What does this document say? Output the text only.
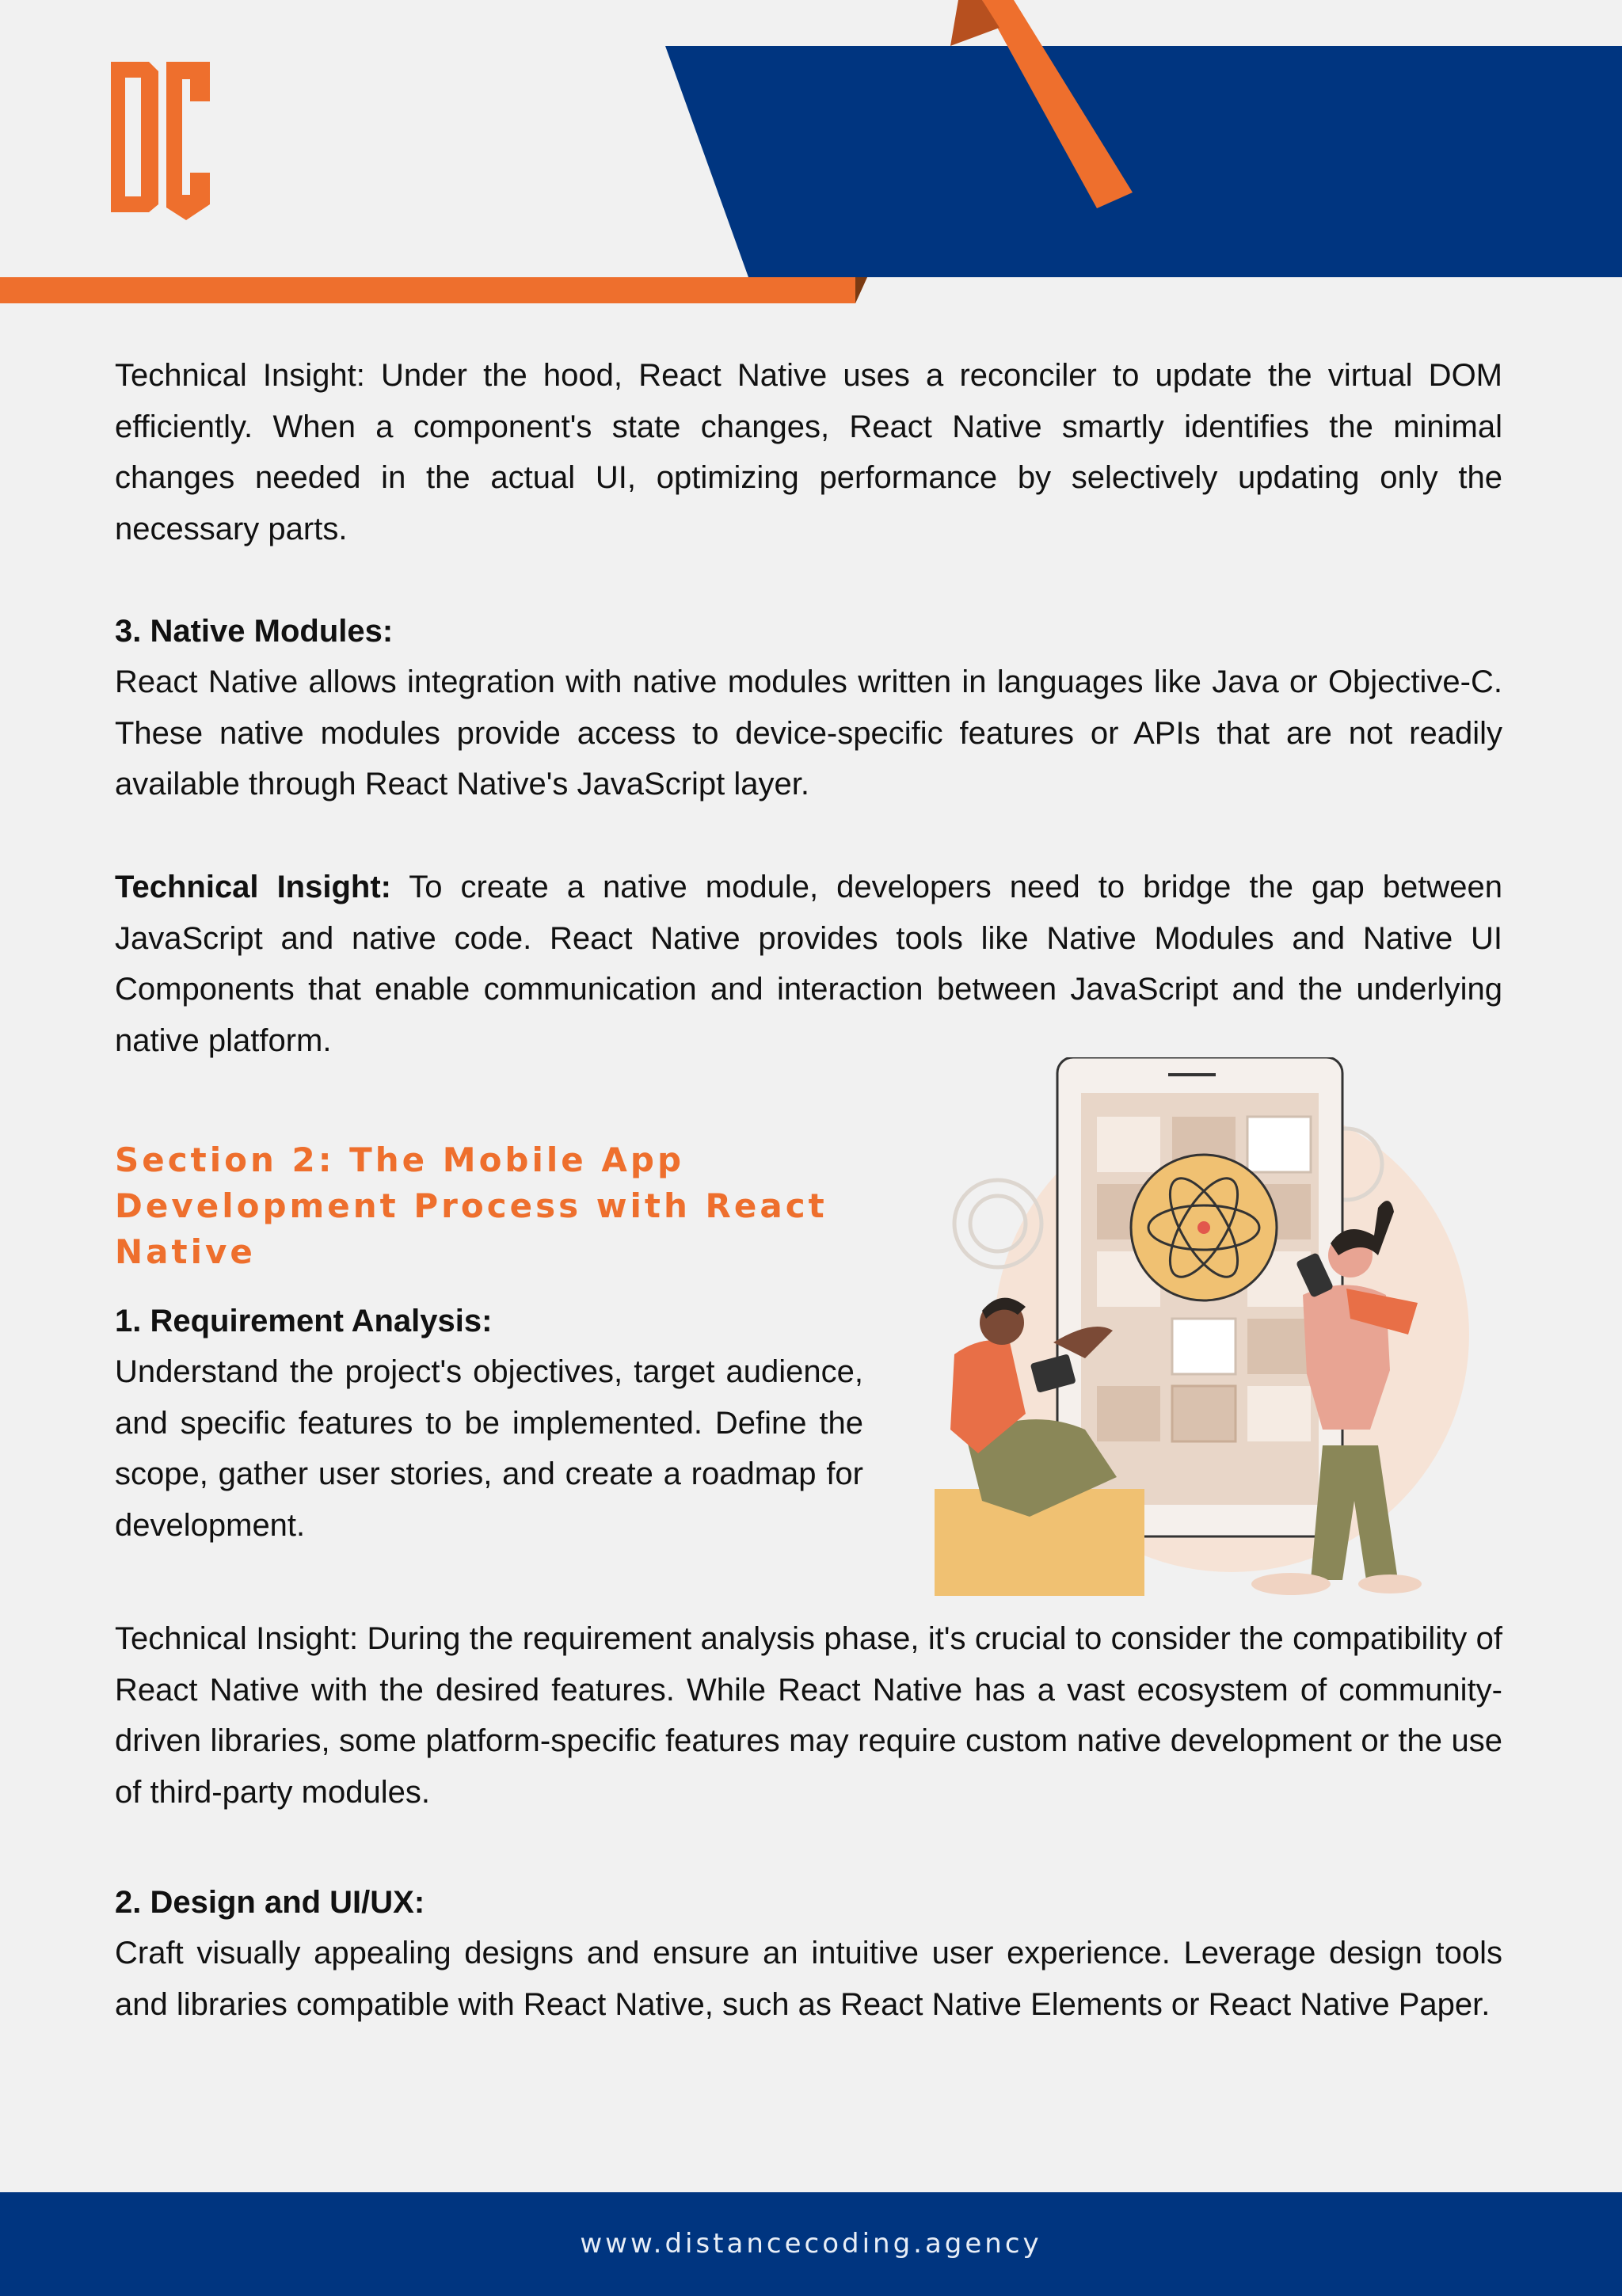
Technical Insight: Under the hood, React Native uses a reconciler to update the virtual DOM efficiently. When a component's state changes, React Native smartly identifies the minimal changes needed in the actual UI, optimizing performance by selectively updating only the necessary parts.

3. Native Modules:

React Native allows integration with native modules written in languages like Java or Objective-C. These native modules provide access to device-specific features or APIs that are not readily available through React Native's JavaScript layer.

Technical Insight: To create a native module, developers need to bridge the gap between JavaScript and native code. React Native provides tools like Native Modules and Native UI Components that enable communication and interaction between JavaScript and the underlying native platform.

Section 2: The Mobile App Development Process with React Native

1. Requirement Analysis:

Understand the project's objectives, target audience, and specific features to be implemented. Define the scope, gather user stories, and create a roadmap for development.

Technical Insight: During the requirement analysis phase, it's crucial to consider the compatibility of React Native with the desired features. While React Native has a vast ecosystem of community-driven libraries, some platform-specific features may require custom native development or the use of third-party modules.

2. Design and UI/UX:

Craft visually appealing designs and ensure an intuitive user experience. Leverage design tools and libraries compatible with React Native, such as React Native Elements or React Native Paper.

www.distancecoding.agency
